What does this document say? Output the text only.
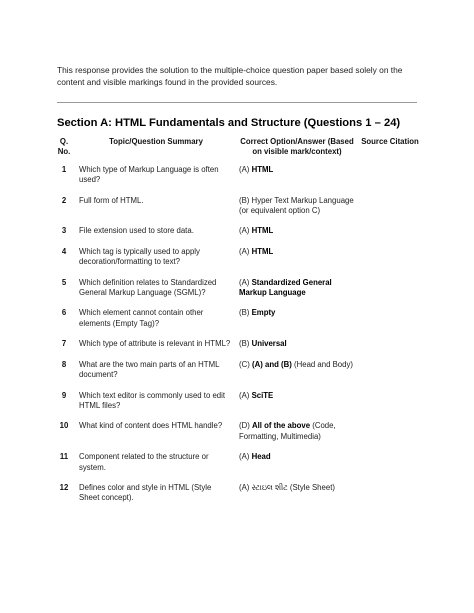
This response provides the solution to the multiple-choice question paper based solely on the content and visible markings found in the provided sources.
Section A: HTML Fundamentals and Structure (Questions 1 – 24)
Q. No.	Topic/Question Summary	Correct Option/Answer (Based on visible mark/context)	Source Citation
1	Which type of Markup Language is often used?	(A) HTML	
2	Full form of HTML.	(B) Hyper Text Markup Language (or equivalent option C)	
3	File extension used to store data.	(A) HTML	
4	Which tag is typically used to apply decoration/formatting to text?	(A) HTML	
5	Which definition relates to Standardized General Markup Language (SGML)?	(A) Standardized General Markup Language	
6	Which element cannot contain other elements (Empty Tag)?	(B) Empty	
7	Which type of attribute is relevant in HTML?	(B) Universal	
8	What are the two main parts of an HTML document?	(C) (A) and (B) (Head and Body)	
9	Which text editor is commonly used to edit HTML files?	(A) SciTE	
10	What kind of content does HTML handle?	(D) All of the above (Code, Formatting, Multimedia)	
11	Component related to the structure or system.	(A) Head	
12	Defines color and style in HTML (Style Sheet concept).	(A) સ્ટાઇલ શીટ (Style Sheet)	
